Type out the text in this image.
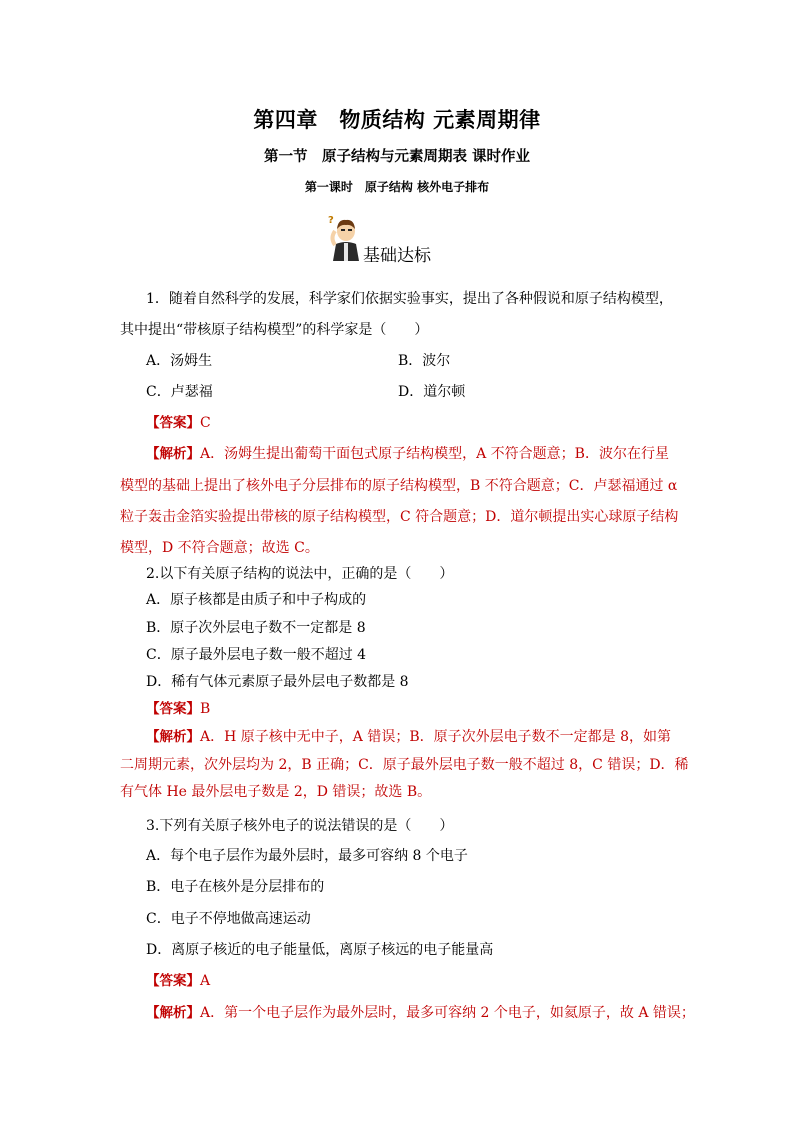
第四章　物质结构 元素周期律
第一节　原子结构与元素周期表 课时作业
第一课时　原子结构 核外电子排布
?
基础达标
1．随着自然科学的发展，科学家们依据实验事实，提出了各种假说和原子结构模型，
其中提出“带核原子结构模型”的科学家是（　　）
A．汤姆生	B．波尔
C．卢瑟福	D．道尔顿
【答案】C
【解析】A．汤姆生提出葡萄干面包式原子结构模型，A 不符合题意；B．波尔在行星
模型的基础上提出了核外电子分层排布的原子结构模型，B 不符合题意；C．卢瑟福通过 α
粒子轰击金箔实验提出带核的原子结构模型，C 符合题意；D．道尔顿提出实心球原子结构
模型，D 不符合题意；故选 C。
2.以下有关原子结构的说法中，正确的是（　　）
A．原子核都是由质子和中子构成的
B．原子次外层电子数不一定都是 8
C．原子最外层电子数一般不超过 4
D．稀有气体元素原子最外层电子数都是 8
【答案】B
【解析】A．H 原子核中无中子，A 错误；B．原子次外层电子数不一定都是 8，如第
二周期元素，次外层均为 2，B 正确；C．原子最外层电子数一般不超过 8，C 错误；D．稀
有气体 He 最外层电子数是 2，D 错误；故选 B。
3.下列有关原子核外电子的说法错误的是（　　）
A．每个电子层作为最外层时，最多可容纳 8 个电子
B．电子在核外是分层排布的
C．电子不停地做高速运动
D．离原子核近的电子能量低，离原子核远的电子能量高
【答案】A
【解析】A．第一个电子层作为最外层时，最多可容纳 2 个电子，如氦原子，故 A 错误；
